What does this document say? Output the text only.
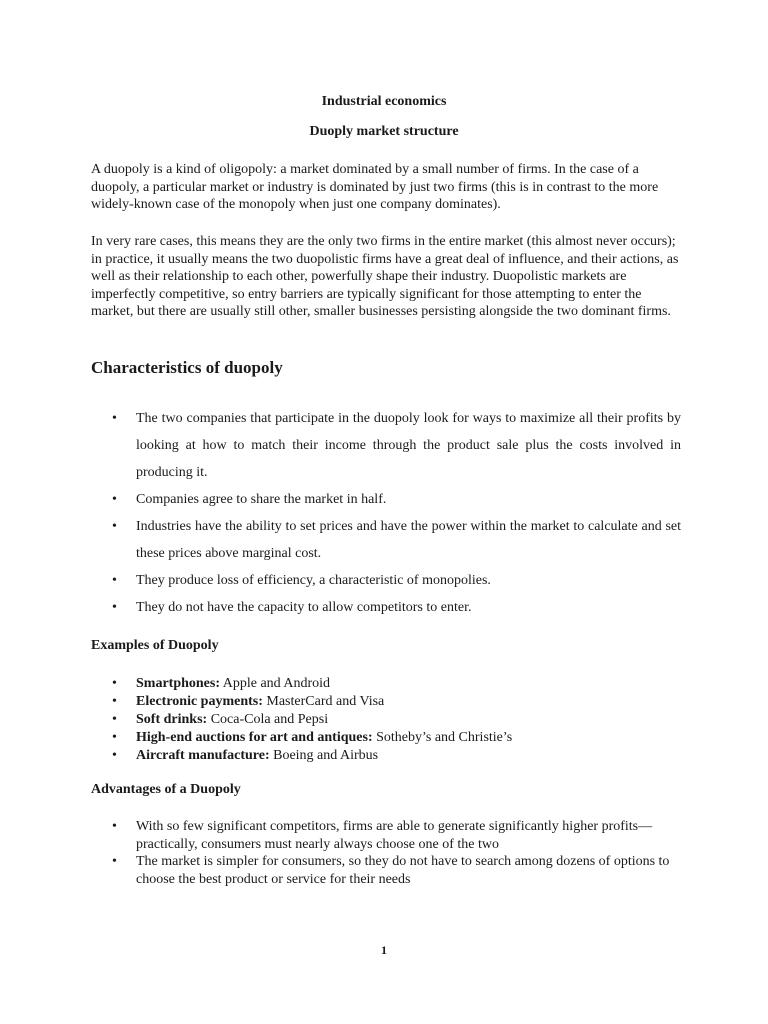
Industrial economics

Duoply market structure

A duopoly is a kind of oligopoly: a market dominated by a small number of firms. In the case of a duopoly, a particular market or industry is dominated by just two firms (this is in contrast to the more widely-known case of the monopoly when just one company dominates).

In very rare cases, this means they are the only two firms in the entire market (this almost never occurs); in practice, it usually means the two duopolistic firms have a great deal of influence, and their actions, as well as their relationship to each other, powerfully shape their industry. Duopolistic markets are imperfectly competitive, so entry barriers are typically significant for those attempting to enter the market, but there are usually still other, smaller businesses persisting alongside the two dominant firms.

Characteristics of duopoly
• The two companies that participate in the duopoly look for ways to maximize all their profits by looking at how to match their income through the product sale plus the costs involved in producing it.
• Companies agree to share the market in half.
• Industries have the ability to set prices and have the power within the market to calculate and set these prices above marginal cost.
• They produce loss of efficiency, a characteristic of monopolies.
• They do not have the capacity to allow competitors to enter.
Examples of Duopoly
• Smartphones: Apple and Android
• Electronic payments: MasterCard and Visa
• Soft drinks: Coca-Cola and Pepsi
• High-end auctions for art and antiques: Sotheby’s and Christie’s
• Aircraft manufacture: Boeing and Airbus
Advantages of a Duopoly
• With so few significant competitors, firms are able to generate significantly higher profits—practically, consumers must nearly always choose one of the two
• The market is simpler for consumers, so they do not have to search among dozens of options to choose the best product or service for their needs

1
